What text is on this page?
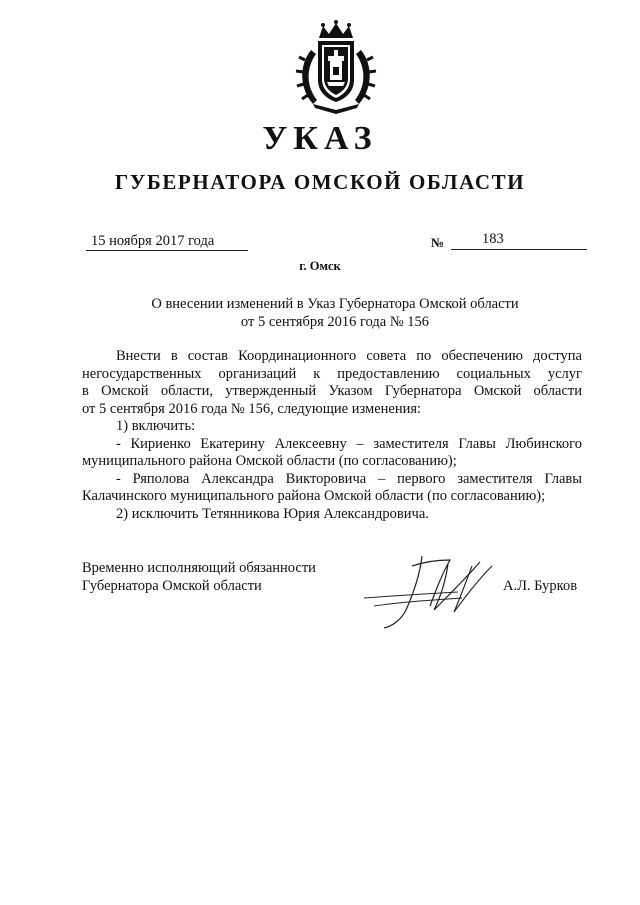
УКАЗ
ГУБЕРНАТОРА ОМСКОЙ ОБЛАСТИ
15 ноября 2017 года	№	183
г. Омск
О внесении изменений в Указ Губернатора Омской области
от 5 сентября 2016 года № 156

Внести в состав Координационного совета по обеспечению доступа

негосударственных организаций к предоставлению социальных услуг

в Омской области, утвержденный Указом Губернатора Омской области

от 5 сентября 2016 года № 156, следующие изменения:

1) включить:

- Кириенко Екатерину Алексеевну – заместителя Главы Любинского

муниципального района Омской области (по согласованию);

- Ряполова Александра Викторовича – первого заместителя Главы

Калачинского муниципального района Омской области (по согласованию);

2) исключить Тетянникова Юрия Александровича.

Временно исполняющий обязанности
Губернатора Омской области	А.Л. Бурков
